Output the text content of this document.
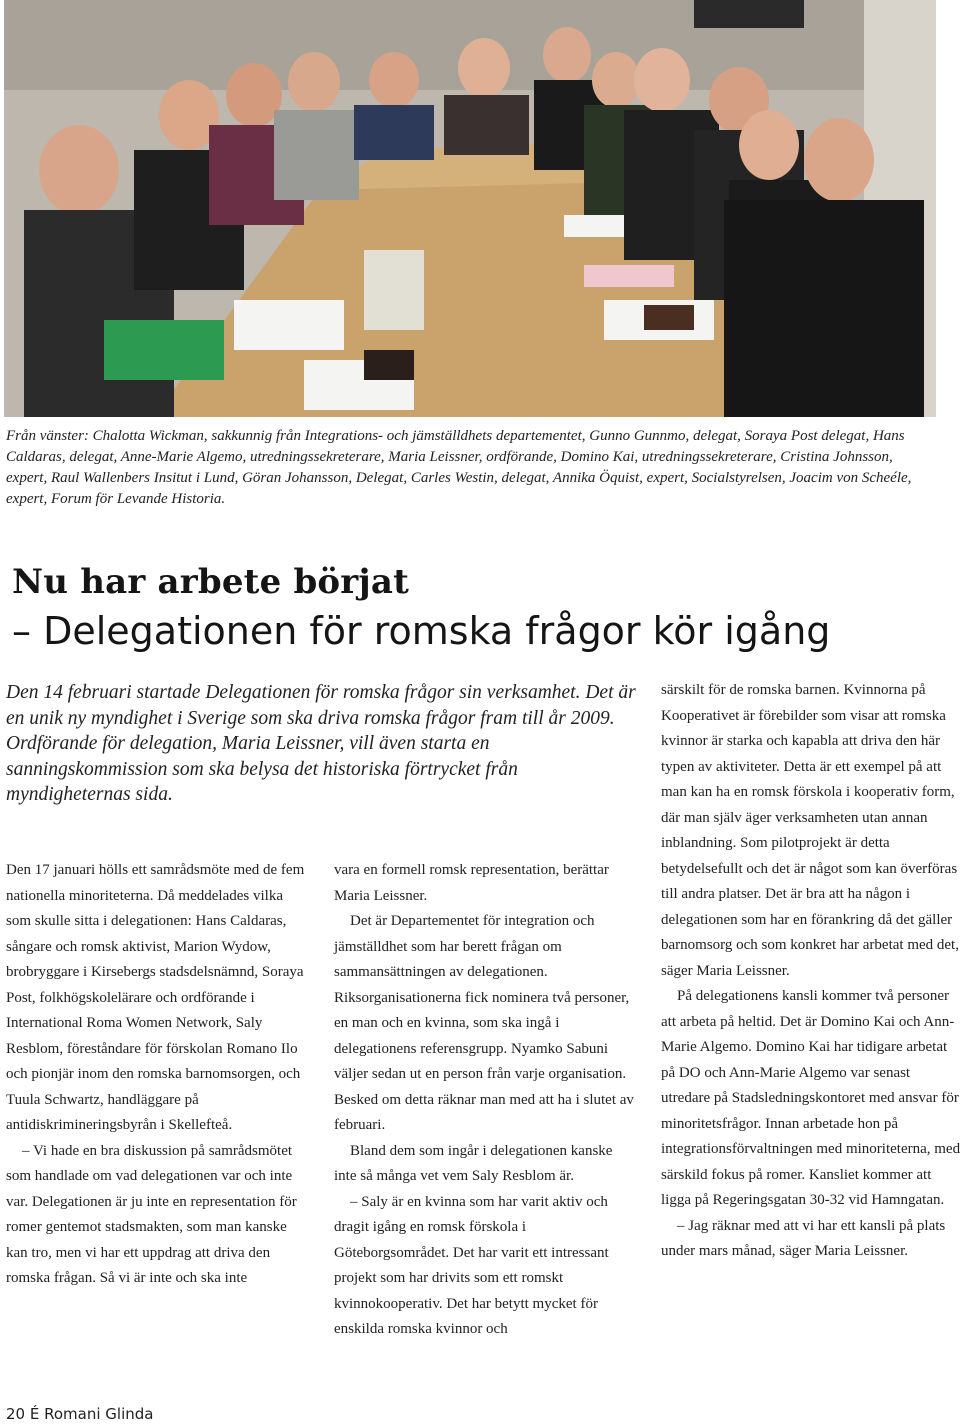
Från vänster: Chalotta Wickman, sakkunnig från Integrations- och jämställdhets departementet, Gunno Gunnmo, delegat, Soraya Post delegat, Hans Caldaras, delegat, Anne-Marie Algemo, utredningssekreterare, Maria Leissner, ordförande, Domino Kai, utredningssekreterare, Cristina Johnsson, expert, Raul Wallenbers Insitut i Lund, Göran Johansson, Delegat, Carles Westin, delegat, Annika Öquist, expert, Socialstyrelsen, Joacim von Scheéle, expert, Forum för Levande Historia.
Nu har arbete börjat
– Delegationen för romska frågor kör igång

Den 14 februari startade Delegationen för romska frågor sin verksamhet. Det är en unik ny myndighet i Sverige som ska driva romska frågor fram till år 2009.

Ordförande för delegation, Maria Leissner, vill även starta en sanningskommission som ska belysa det historiska förtrycket från myndigheternas sida.

Den 17 januari hölls ett samrådsmöte med de fem nationella minoriteterna. Då meddelades vilka som skulle sitta i delegationen: Hans Caldaras, sångare och romsk aktivist, Marion Wydow, brobryggare i Kirsebergs stadsdelsnämnd, Soraya Post, folkhögskolelärare och ordförande i International Roma Women Network, Saly Resblom, föreståndare för förskolan Romano Ilo och pionjär inom den romska barnomsorgen, och Tuula Schwartz, handläggare på antidiskrimineringsbyrån i Skellefteå.

– Vi hade en bra diskussion på samrådsmötet som handlade om vad delegationen var och inte var. Delegationen är ju inte en representation för romer gentemot stadsmakten, som man kanske kan tro, men vi har ett uppdrag att driva den romska frågan. Så vi är inte och ska inte

vara en formell romsk representation, berättar Maria Leissner.

Det är Departementet för integration och jämställdhet som har berett frågan om sammansättningen av delegationen. Riksorganisationerna fick nominera två personer, en man och en kvinna, som ska ingå i delegationens referensgrupp. Nyamko Sabuni väljer sedan ut en person från varje organisation. Besked om detta räknar man med att ha i slutet av februari.

Bland dem som ingår i delegationen kanske inte så många vet vem Saly Resblom är.

– Saly är en kvinna som har varit aktiv och dragit igång en romsk förskola i Göteborgsområdet. Det har varit ett intressant projekt som har drivits som ett romskt kvinnokooperativ. Det har betytt mycket för enskilda romska kvinnor och

särskilt för de romska barnen. Kvinnorna på Kooperativet är förebilder som visar att romska kvinnor är starka och kapabla att driva den här typen av aktiviteter. Detta är ett exempel på att man kan ha en romsk förskola i kooperativ form, där man själv äger verksamheten utan annan inblandning. Som pilotprojekt är detta betydelsefullt och det är något som kan överföras till andra platser. Det är bra att ha någon i delegationen som har en förankring då det gäller barnomsorg och som konkret har arbetat med det, säger Maria Leissner.

På delegationens kansli kommer två personer att arbeta på heltid. Det är Domino Kai och Ann-Marie Algemo. Domino Kai har tidigare arbetat på DO och Ann-Marie Algemo var senast utredare på Stadsledningskontoret med ansvar för minoritetsfrågor. Innan arbetade hon på integrationsförvaltningen med minoriteterna, med särskild fokus på romer. Kansliet kommer att ligga på Regeringsgatan 30-32 vid Hamngatan.

– Jag räknar med att vi har ett kansli på plats under mars månad, säger Maria Leissner.

20 É Romani Glinda
